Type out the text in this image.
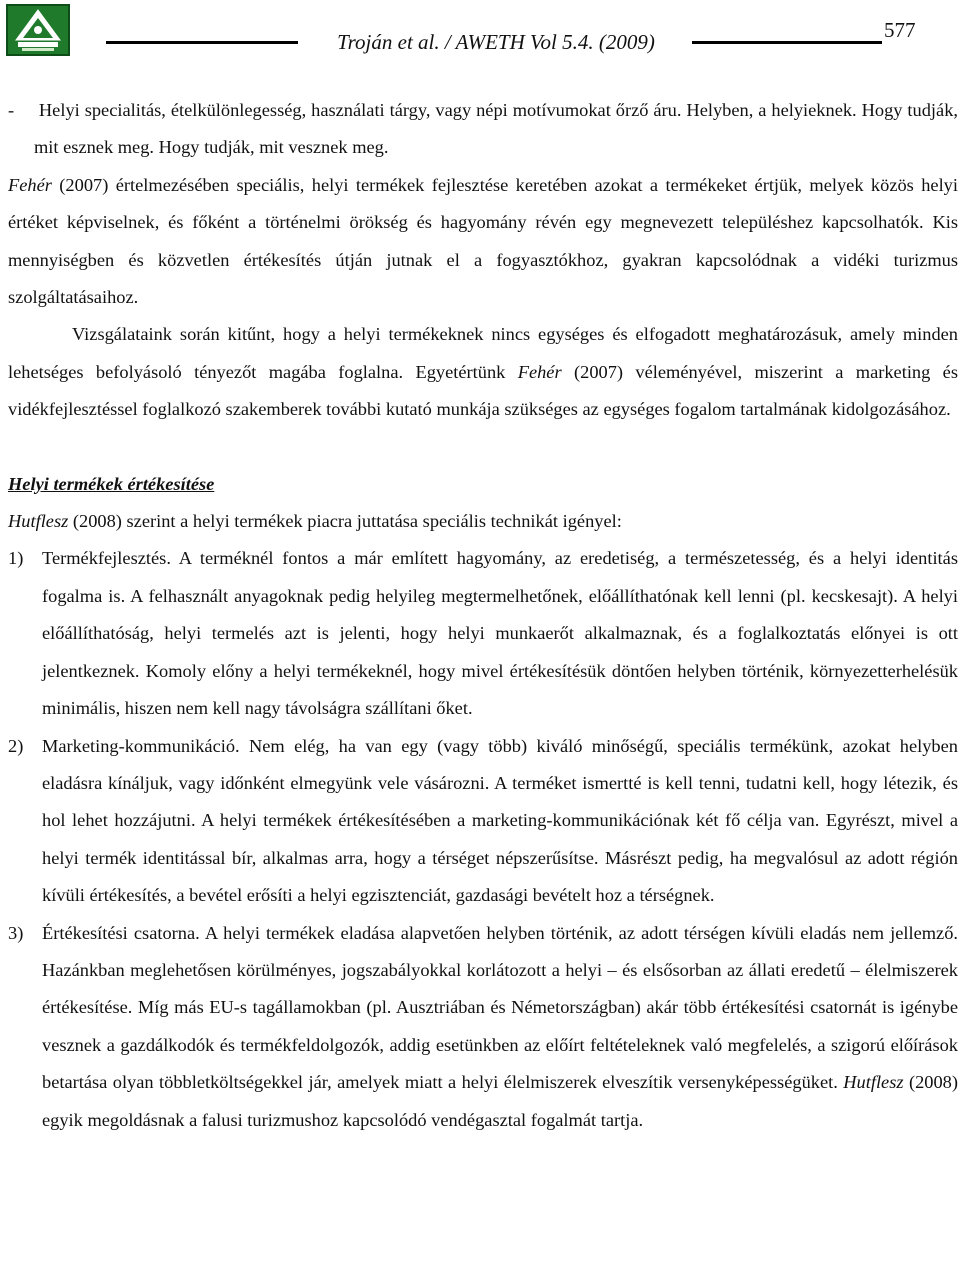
Troján et al. / AWETH Vol 5.4. (2009)	577
-     Helyi specialitás, ételkülönlegesség, használati tárgy, vagy népi motívumokat őrző áru. Helyben, a helyieknek. Hogy tudják, mit esznek meg. Hogy tudják, mit vesznek meg.
Fehér (2007) értelmezésében speciális, helyi termékek fejlesztése keretében azokat a termékeket értjük, melyek közös helyi értéket képviselnek, és főként a történelmi örökség és hagyomány révén egy megnevezett településhez kapcsolhatók. Kis mennyiségben és közvetlen értékesítés útján jutnak el a fogyasztókhoz, gyakran kapcsolódnak a vidéki turizmus szolgáltatásaihoz.
Vizsgálataink során kitűnt, hogy a helyi termékeknek nincs egységes és elfogadott meghatározásuk, amely minden lehetséges befolyásoló tényezőt magába foglalna. Egyetértünk Fehér (2007) véleményével, miszerint a marketing és vidékfejlesztéssel foglalkozó szakemberek további kutató munkája szükséges az egységes fogalom tartalmának kidolgozásához.
Helyi termékek értékesítése
Hutflesz (2008) szerint a helyi termékek piacra juttatása speciális technikát igényel:
1) Termékfejlesztés. A terméknél fontos a már említett hagyomány, az eredetiség, a természetesség, és a helyi identitás fogalma is. A felhasznált anyagoknak pedig helyileg megtermelhetőnek, előállíthatónak kell lenni (pl. kecskesajt). A helyi előállíthatóság, helyi termelés azt is jelenti, hogy helyi munkaerőt alkalmaznak, és a foglalkoztatás előnyei is ott jelentkeznek. Komoly előny a helyi termékeknél, hogy mivel értékesítésük döntően helyben történik, környezetterhelésük minimális, hiszen nem kell nagy távolságra szállítani őket.
2) Marketing-kommunikáció. Nem elég, ha van egy (vagy több) kiváló minőségű, speciális termékünk, azokat helyben eladásra kínáljuk, vagy időnként elmegyünk vele vásározni. A terméket ismertté is kell tenni, tudatni kell, hogy létezik, és hol lehet hozzájutni. A helyi termékek értékesítésében a marketing-kommunikációnak két fő célja van. Egyrészt, mivel a helyi termék identitással bír, alkalmas arra, hogy a térséget népszerűsítse. Másrészt pedig, ha megvalósul az adott régión kívüli értékesítés, a bevétel erősíti a helyi egzisztenciát, gazdasági bevételt hoz a térségnek.
3) Értékesítési csatorna. A helyi termékek eladása alapvetően helyben történik, az adott térségen kívüli eladás nem jellemző. Hazánkban meglehetősen körülményes, jogszabályokkal korlátozott a helyi – és elsősorban az állati eredetű – élelmiszerek értékesítése. Míg más EU-s tagállamokban (pl. Ausztriában és Németországban) akár több értékesítési csatornát is igénybe vesznek a gazdálkodók és termékfeldolgozók, addig esetünkben az előírt feltételeknek való megfelelés, a szigorú előírások betartása olyan többletköltségekkel jár, amelyek miatt a helyi élelmiszerek elveszítik versenyképességüket. Hutflesz (2008) egyik megoldásnak a falusi turizmushoz kapcsolódó vendégasztal fogalmát tartja.
